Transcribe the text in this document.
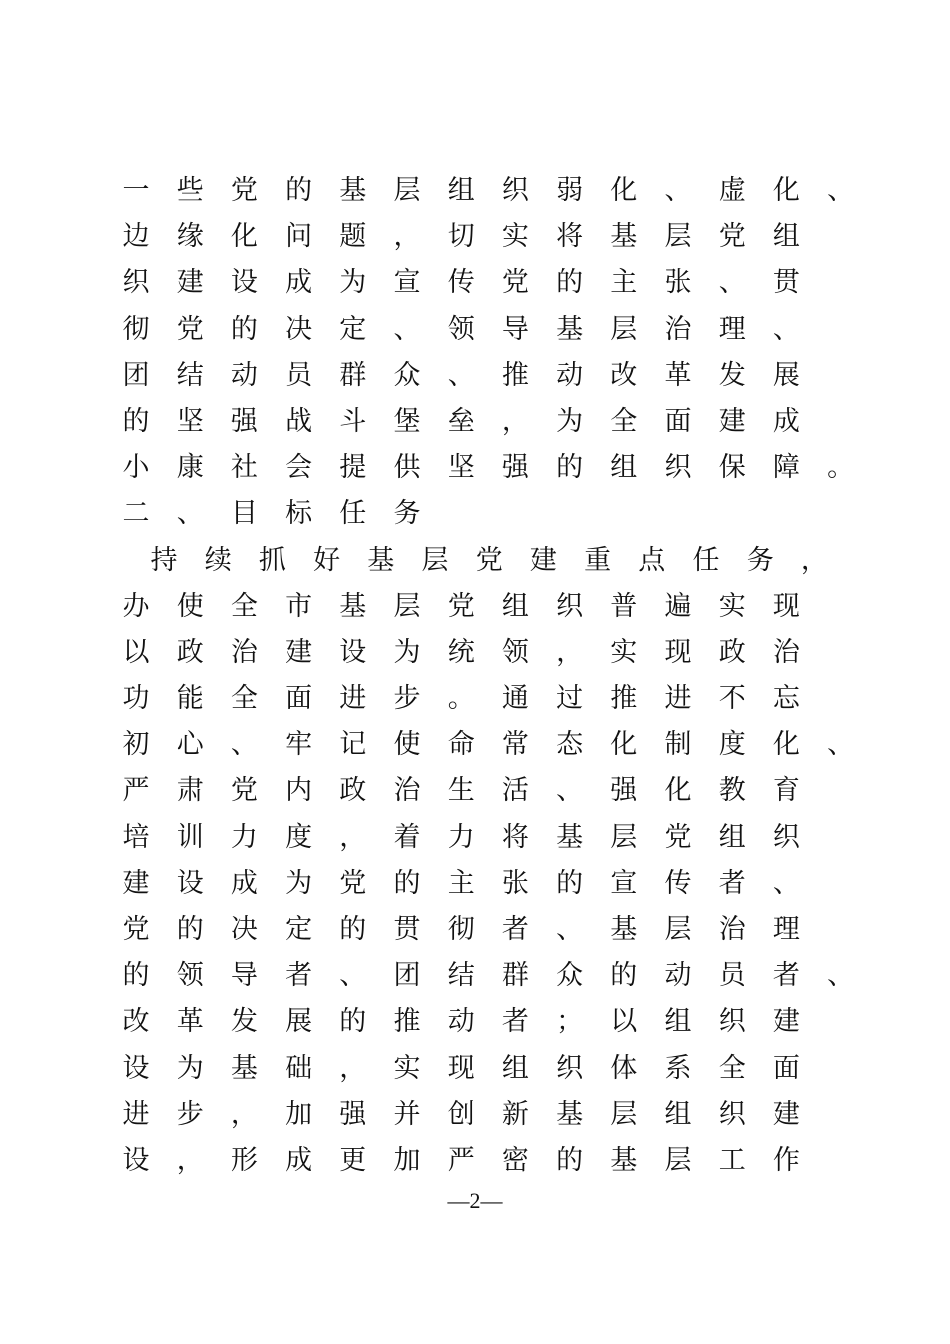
一 些 党 的 基 层 组 织 弱 化 、 虚 化 、
边 缘 化 问 题 ， 切 实 将 基 层 党 组
织 建 设 成 为 宣 传 党 的 主 张 、 贯
彻 党 的 决 定 、 领 导 基 层 治 理 、
团 结 动 员 群 众 、 推 动 改 革 发 展
的 坚 强 战 斗 堡 垒 ， 为 全 面 建 成
小 康 社 会 提 供 坚 强 的 组 织 保 障 。
二 、 目 标 任 务
持 续 抓 好 基 层 党 建 重 点 任 务 ，
办 使 全 市 基 层 党 组 织 普 遍 实 现
以 政 治 建 设 为 统 领 ， 实 现 政 治
功 能 全 面 进 步 。 通 过 推 进 不 忘
初 心 、 牢 记 使 命 常 态 化 制 度 化 、
严 肃 党 内 政 治 生 活 、 强 化 教 育
培 训 力 度 ， 着 力 将 基 层 党 组 织
建 设 成 为 党 的 主 张 的 宣 传 者 、
党 的 决 定 的 贯 彻 者 、 基 层 治 理
的 领 导 者 、 团 结 群 众 的 动 员 者 、
改 革 发 展 的 推 动 者 ； 以 组 织 建
设 为 基 础 ， 实 现 组 织 体 系 全 面
进 步 ， 加 强 并 创 新 基 层 组 织 建
设 ， 形 成 更 加 严 密 的 基 层 工 作
—2—
